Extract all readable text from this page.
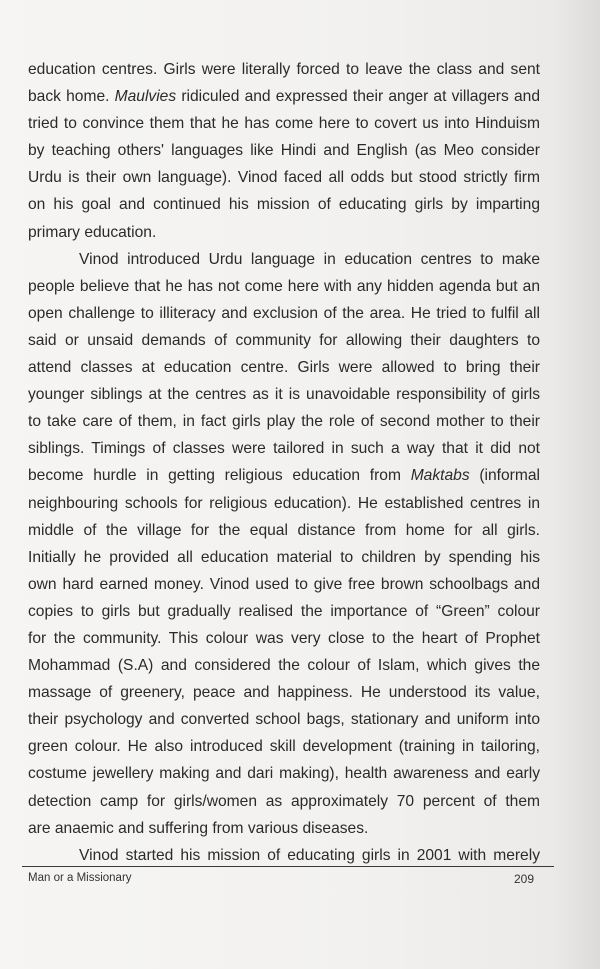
education centres. Girls were literally forced to leave the class and sent
back home. Maulvies ridiculed and expressed their anger at villagers and
tried to convince them that he has come here to covert us into Hinduism
by teaching others' languages like Hindi and English (as Meo consider
Urdu is their own language). Vinod faced all odds but stood strictly firm
on his goal and continued his mission of educating girls by imparting
primary education.
Vinod introduced Urdu language in education centres to make
people believe that he has not come here with any hidden agenda but an
open challenge to illiteracy and exclusion of the area. He tried to fulfil all
said or unsaid demands of community for allowing their daughters to
attend classes at education centre. Girls were allowed to bring their
younger siblings at the centres as it is unavoidable responsibility of girls
to take care of them, in fact girls play the role of second mother to their
siblings. Timings of classes were tailored in such a way that it did not
become hurdle in getting religious education from Maktabs (informal
neighbouring schools for religious education). He established centres in
middle of the village for the equal distance from home for all girls.
Initially he provided all education material to children by spending his
own hard earned money. Vinod used to give free brown schoolbags and
copies to girls but gradually realised the importance of “Green” colour
for the community. This colour was very close to the heart of Prophet
Mohammad (S.A) and considered the colour of Islam, which gives the
massage of greenery, peace and happiness. He understood its value,
their psychology and converted school bags, stationary and uniform into
green colour. He also introduced skill development (training in tailoring,
costume jewellery making and dari making), health awareness and early
detection camp for girls/women as approximately 70 percent of them
are anaemic and suffering from various diseases.
Vinod started his mission of educating girls in 2001 with merely
Man or a Missionary	209
